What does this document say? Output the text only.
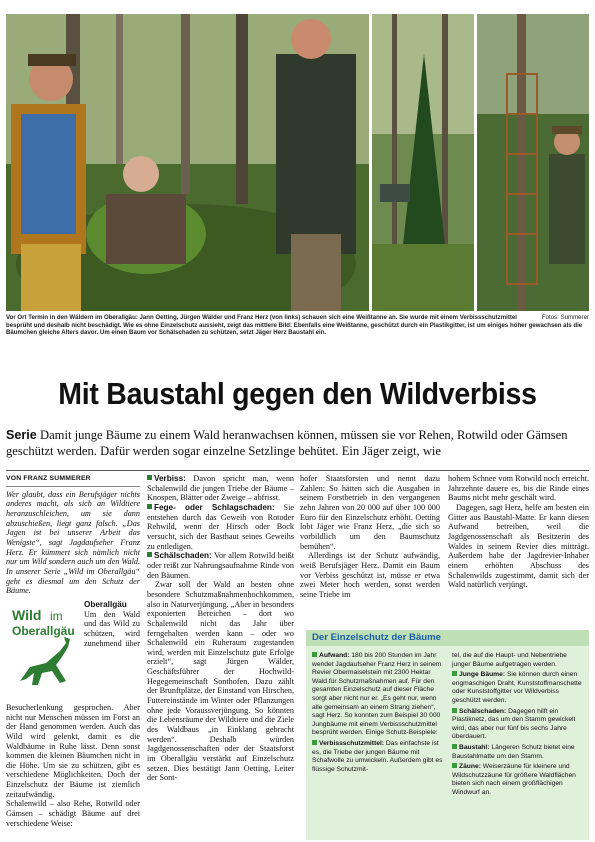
Fotos: Summerer
Vor Ort Termin in den Wäldern im Oberallgäu: Jann Oetting, Jürgen Wälder und Franz Herz (von links) schauen sich eine Weißtanne an. Sie wurde mit einem Verbissschutzmittel besprüht und deshalb nicht beschädigt. Wie es ohne Einzelschutz aussieht, zeigt das mittlere Bild: Ebenfalls eine Weißtanne, geschützt durch ein Plastikgitter, ist um einiges höher gewachsen als die Bäumchen gleiche Alters davor. Um einen Baum vor Schälschaden zu schützen, setzt Jäger Herz Baustahl ein.
Mit Baustahl gegen den Wildverbiss
Serie Damit junge Bäume zu einem Wald heranwachsen können, müssen sie vor Rehen, Rotwild oder Gämsen geschützt werden. Dafür werden sogar einzelne Setzlinge behütet. Ein Jäger zeigt, wie
VON FRANZ SUMMERER

Wer glaubt, dass ein Berufsjäger nichts anderes macht, als sich an Wildtiere heranzuschleichen, um sie dann abzuschießen, liegt ganz falsch. „Das Jagen ist bei unserer Arbeit das Wenigste“, sagt Jagdaufseher Franz Herz. Er kümmert sich nämlich nicht nur um Wild sondern auch um den Wald. In unserer Serie „Wild im Oberallgäu“ geht es diesmal um den Schutz der Bäume.

Wild im
Oberallgäu
Oberallgäu Um den Wald und das Wild zu schützen, wird zunehmend über Besucherlenkung gesprochen. Aber nicht nur Menschen müssen im Forst an der Hand genommen werden. Auch das Wild wird gelenkt, damit es die Waldbäume in Ruhe lässt. Denn sonst kommen die kleinen Bäumchen nicht in die Höhe. Um sie zu schützen, gibt es verschiedene Möglichkeiten. Doch der Einzelschutz der Bäume ist ziemlich zeitaufwändig.

Schalenwild – also Rehe, Rotwild oder Gämsen – schädigt Bäume auf drei verschiedene Weise:

Verbiss: Davon spricht man, wenn Schalenwild die jungen Triebe der Bäume – Knospen, Blätter oder Zweige – abfrisst.

Fege- oder Schlagschaden: Sie entstehen durch das Geweih von Rotoder Rehwild, wenn der Hirsch oder Bock versucht, sich der Basthaut seines Geweihs zu entledigen.

Schälschaden: Vor allem Rotwild beißt oder reißt zur Nahrungsaufnahme Rinde von den Bäumen.

Zwar soll der Wald an besten ohne besondere Schutzmaßnahmenhochkommen, also in Naturverjüngung. „Aber in besonders exponierten Bereichen – dort wo Schalenwild nicht das Jahr über ferngehalten werden kann – oder wo Schalenwild ein Ruheraum zugestanden wird, werden mit Einzelschutz gute Erfolge erzielt“, sagt Jürgen Wälder, Geschäftsführer der Hochwild-Hegegemeinschaft Sonthofen. Dazu zählt der Brunftplätze, der Einstand von Hirschen, Futtereinstände im Winter oder Pflanzungen ohne jede Voraussverjüngung. So könnten die Lebensräume der Wildtiere und die Ziele des Waldbaus „in Einklang gebracht werden“. Deshalb würden Jagdgenossenschaften oder der Staatsforst im Oberallgäu verstärkt auf Einzelschutz setzen. Dies bestätigt Jann Oetting, Leiter der Sont-

hofer Staatsforsten und nennt dazu Zahlen: So hätten sich die Ausgaben in seinem Forstbetrieb in den vergangenen zehn Jahren von 20 000 auf über 100 000 Euro für den Einzelschutz erhöht. Oetting lobt Jäger wie Franz Herz, „die sich so vorbildlich um den Baumschutz bemühen“.

Allerdings ist der Schutz aufwändig, weiß Berufsjäger Herz. Damit ein Baum vor Verbiss geschützt ist, müsse er etwa zwei Meter hoch werden, sonst werden seine Triebe im

hohem Schnee vom Rotwild noch erreicht. Jahrzehnte dauere es, bis die Rinde eines Baums nicht mehr geschält wird.

Dagegen, sagt Herz, helfe am besten ein Gitter aus Baustahl-Matte. Er kann diesen Aufwand betreiben, weil die Jagdgenossenschaft als Besitzerin des Waldes in seinem Revier dies mitträgt. Außerdem habe der Jagdrevier-Inhaber einem erhöhten Abschuss des Schalenwilds zugestimmt, damit sich der Wald natürlich verjüngt.

Der Einzelschutz der Bäume

Aufwand: 180 bis 200 Stunden im Jahr wendet Jagdaufseher Franz Herz in seinem Revier Obermaiselstein mit 2300 Hektar Wald für Schutzmaßnahmen auf. Für den gesamten Einzelschutz auf dieser Fläche sorgt aber nicht nur er. „Es geht nur, wenn alle gemeinsam an einem Strang ziehen“, sagt Herz. So konnten zum Beispiel 30 000 Jungbäume mit einem Verbissschutzmittel besprüht werden. Einige Schutz-Beispiele:

Verbissschutzmittel: Das einfachste ist es, die Triebe der jungen Bäume mit Schafwolle zu umwickeln. Außerdem gibt es flüssige Schutzmit-

tel, die auf die Haupt- und Nebentriebe junger Bäume aufgetragen werden.

Junge Bäume: Sie können durch einen engmaschigen Draht, Kunststoffmanschette oder Kunststoffgitter vor Wildverbiss geschützt werden.

Schälschaden: Dagegen hilft ein Plastiknetz, das um den Stamm gewickelt wird, das aber nur fünf bis sechs Jahre überdauert.

Baustahl: Längeren Schutz bietet eine Baustahlmatte um den Stamm.

Zäune: Weiserzäune für kleinere und Wildschutzzäune für größere Waldflächen bieten sich nach einem großflächigen Windwurf an.
